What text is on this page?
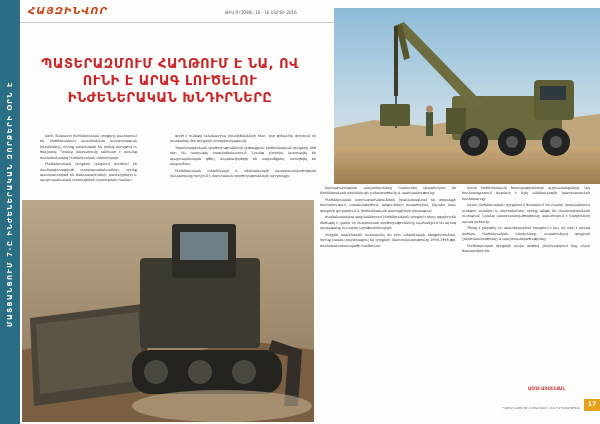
ՄԱՏՑԱՆՑՈՒՄ 7-Ը ԻՆԺԵՆԵՐԱԿԱՆ ԶՈՐՔԵՐԻ ՕՐՆ Է
ՀԱՅԶԻՆՎՈՐ	ԹԻՎ 9 (1098), 10 - 16 ՄԱՐՏԻ 2016
ՊԱՏԵՐԱԶՄՈՒՄ ՀԱՂԹՈՒՄ Է ՆԱ, ՈՎ ՈՒՆԻ Է ԱՐԱԳ ԼՈՒԾԵԼՈՒ ԻՆԺԵՆԵՐԱԿԱՆ ԽՆԴԻՐՆԵՐԸ

Այժմ, ճակատի ինժեներական զորքերը կատարում են ինժեներական ապահովման կարևորագույն խնդիրները, որոնք բազմազան են իրենց բնույթով ու ծավալով: Դրանց կատարումը անհնար է առանց ժամանակակից ինժեներական տեխնիկայի:

Ինժեներական զորքերի կազմում գործում են մասնագիտացված ստորաբաժանումներ, որոնք պատրաստված են ճանապարհների, կամուրջների և պաշտպանական կառույցների կառուցման համար:

գործ է ունեցել նմանատիպ իրավիճակների հետ, երբ թշնամին փորձում էր խափանել մեր զորքերի առաջխաղացումը:

Պատերազմական գործողությունների ընթացքում ինժեներական զորքերը մեծ դեր են խաղացել ռազմաճակատում: Նրանց շնորհիվ կառուցվել են պաշտպանական գծեր, ականազերծվել են տարածքներ, ստեղծվել են անցումներ:

Ինժեներական տեխնիկայի և անձնակազմի պատրաստվածության մակարդակը որոշում է մարտական գործողությունների արդյունքը:

նախարարության պաշտոնյաները համատեղ վերահսկում են ինժեներական տեխնիկայի շահագործումը և պահպանությունը:

Ինժեներական ստորաբաժանումներն իրականացնում են տեղանքի հետախուզում, ականազերծում, անցումների ապահովում, ինչպես նաև զորքերի քողարկում և ինժեներական կառույցների կառուցում:

Ժամանակակից պայմաններում ինժեներական զորքերի դերը զգալիորեն մեծացել է, քանի որ մարտական գործողությունները պահանջում են արագ արձագանք ու բարձր պրոֆեսիոնալիզմ:

Վերջին տարիներին կատարվել են նոր տեխնիկայի ձեռքբերումներ, որոնք էապես բարձրացրել են զորքերի մարտունակությունը 1994-1998 թթ. ժամանակահատվածի համեմատ:

մասի ինժեներական ծառայությունների աշխատանքները: Այս համատեքստում կարևոր է նշել անձնակազմի պատրաստման համակարգը:

Այսօր ինժեներական զորքերում ծառայում են բարձր որակավորում ունեցող սպաներ և սերժանտներ, որոնք անցել են մասնագիտական ուսուցում: Նրանց պատրաստվածությունը ապահովում է խնդիրների արագ լուծումը:

Պետք է ընդգծել, որ պատերազմում հաղթում է նա, ով ունի է արագ լուծելու ինժեներական խնդիրները, ապահովելով զորքերի շարժունակությունը և պաշտպանվածությունը:

Ինժեներական զորքերի օրվա առթիվ շնորհավորում ենք բոլոր ծառայողներին:

ԱՇՈՏ ԱՌՍԵՆՅԱՆ
ՊԱՇՏՈՆԱԹԵՐԹ ՀԱՅԱՍՏԱՆԻ ՀԱՆՐԱՊԵՏՈՒԹՅԱՆ	17
